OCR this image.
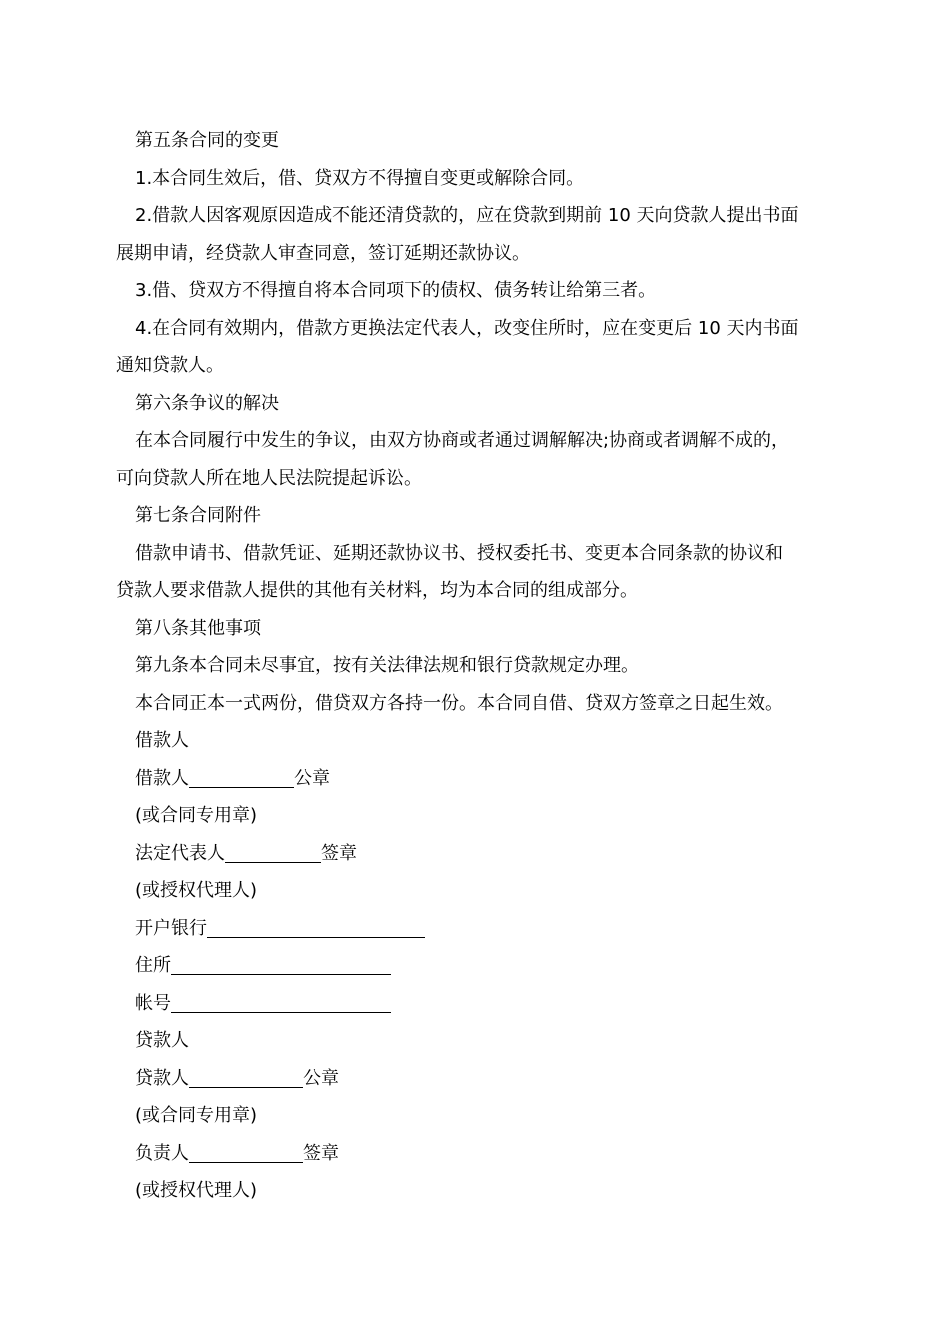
第五条合同的变更
1.本合同生效后，借、贷双方不得擅自变更或解除合同。
2.借款人因客观原因造成不能还清贷款的，应在贷款到期前 10 天向贷款人提出书面
展期申请，经贷款人审查同意，签订延期还款协议。
3.借、贷双方不得擅自将本合同项下的债权、债务转让给第三者。
4.在合同有效期内，借款方更换法定代表人，改变住所时，应在变更后 10 天内书面
通知贷款人。
第六条争议的解决
在本合同履行中发生的争议，由双方协商或者通过调解解决;协商或者调解不成的，
可向贷款人所在地人民法院提起诉讼。
第七条合同附件
借款申请书、借款凭证、延期还款协议书、授权委托书、变更本合同条款的协议和
贷款人要求借款人提供的其他有关材料，均为本合同的组成部分。
第八条其他事项
第九条本合同未尽事宜，按有关法律法规和银行贷款规定办理。
本合同正本一式两份，借贷双方各持一份。本合同自借、贷双方签章之日起生效。
借款人
借款人	公章
(或合同专用章)
法定代表人	签章
(或授权代理人)
开户银行
住所
帐号
贷款人
贷款人	公章
(或合同专用章)
负责人	签章
(或授权代理人)
